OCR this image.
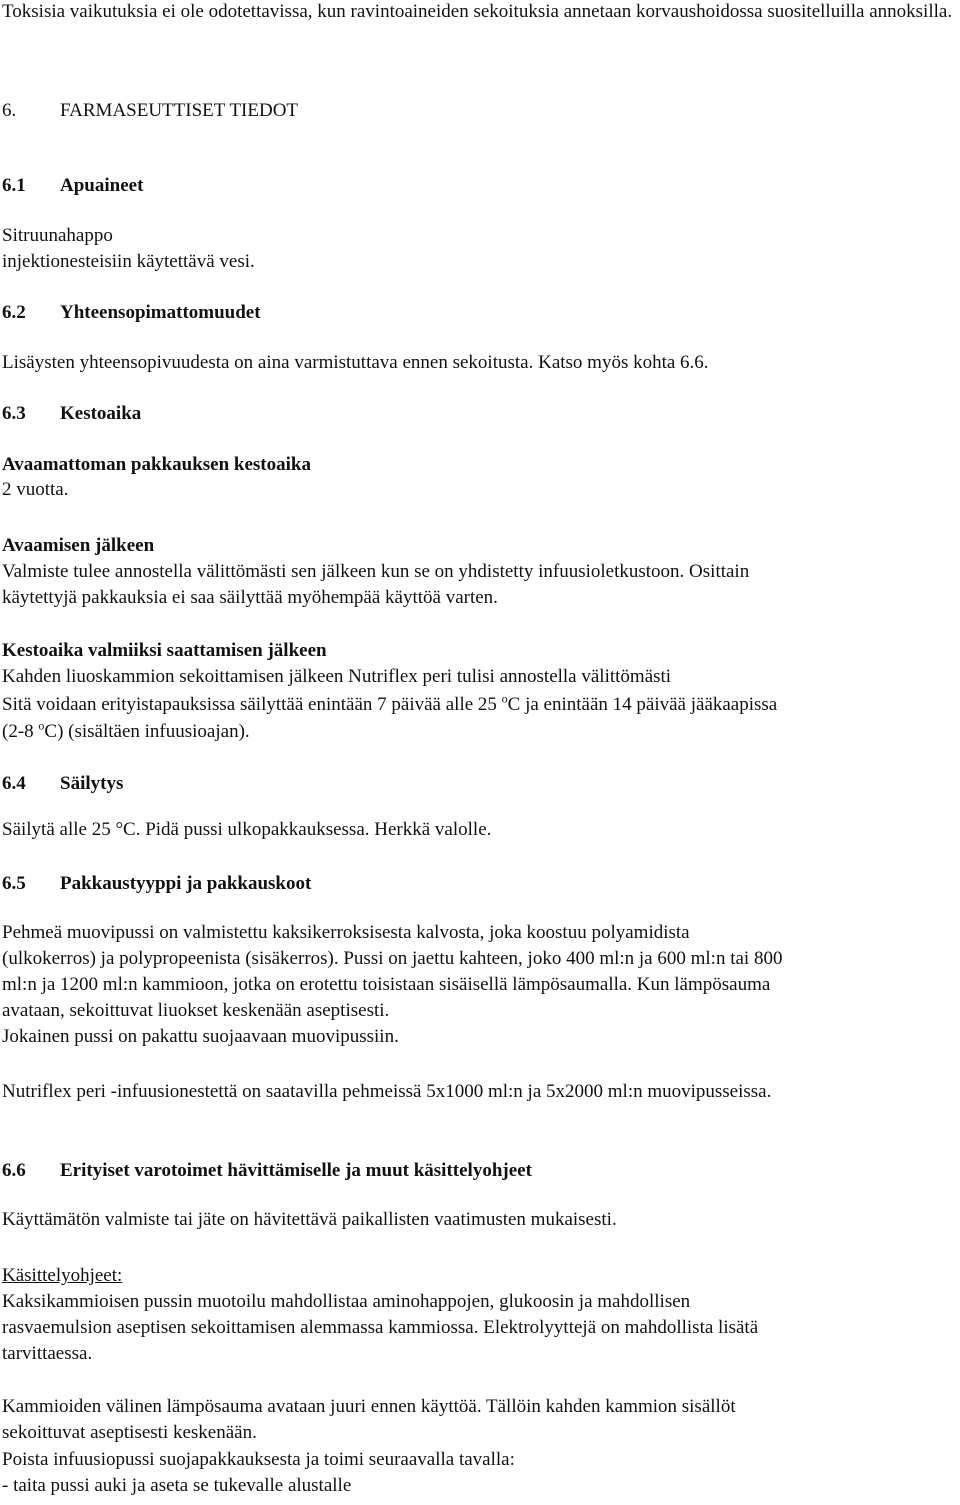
Toksisia vaikutuksia ei ole odotettavissa, kun ravintoaineiden sekoituksia annetaan korvaushoidossa suositelluilla annoksilla.

6. FARMASEUTTISET TIEDOT

6.1 Apuaineet

Sitruunahappo

injektionesteisiin käytettävä vesi.

6.2 Yhteensopimattomuudet

Lisäysten yhteensopivuudesta on aina varmistuttava ennen sekoitusta. Katso myös kohta 6.6.

6.3 Kestoaika

Avaamattoman pakkauksen kestoaika

2 vuotta.

Avaamisen jälkeen

Valmiste tulee annostella välittömästi sen jälkeen kun se on yhdistetty infuusioletkustoon. Osittain

käytettyjä pakkauksia ei saa säilyttää myöhempää käyttöä varten.

Kestoaika valmiiksi saattamisen jälkeen

Kahden liuoskammion sekoittamisen jälkeen Nutriflex peri tulisi annostella välittömästi

Sitä voidaan erityistapauksissa säilyttää enintään 7 päivää alle 25 $^o$C ja enintään 14 päivää jääkaapissa

(2-8 $^o$C) (sisältäen infuusioajan).

6.4 Säilytys

Säilytä alle 25 °C. Pidä pussi ulkopakkauksessa. Herkkä valolle.

6.5 Pakkaustyyppi ja pakkauskoot

Pehmeä muovipussi on valmistettu kaksikerroksisesta kalvosta, joka koostuu polyamidista

(ulkokerros) ja polypropeenista (sisäkerros). Pussi on jaettu kahteen, joko 400 ml:n ja 600 ml:n tai 800

ml:n ja 1200 ml:n kammioon, jotka on erotettu toisistaan sisäisellä lämpösaumalla. Kun lämpösauma

avataan, sekoittuvat liuokset keskenään aseptisesti.

Jokainen pussi on pakattu suojaavaan muovipussiin.

Nutriflex peri -infuusionestettä on saatavilla pehmeissä 5x1000 ml:n ja 5x2000 ml:n muovipusseissa.

6.6 Erityiset varotoimet hävittämiselle ja muut käsittelyohjeet

Käyttämätön valmiste tai jäte on hävitettävä paikallisten vaatimusten mukaisesti.

Käsittelyohjeet:

Kaksikammioisen pussin muotoilu mahdollistaa aminohappojen, glukoosin ja mahdollisen

rasvaemulsion aseptisen sekoittamisen alemmassa kammiossa. Elektrolyyttejä on mahdollista lisätä

tarvittaessa.

Kammioiden välinen lämpösauma avataan juuri ennen käyttöä. Tällöin kahden kammion sisällöt

sekoittuvat aseptisesti keskenään.

Poista infuusiopussi suojapakkauksesta ja toimi seuraavalla tavalla:

- taita pussi auki ja aseta se tukevalle alustalle
